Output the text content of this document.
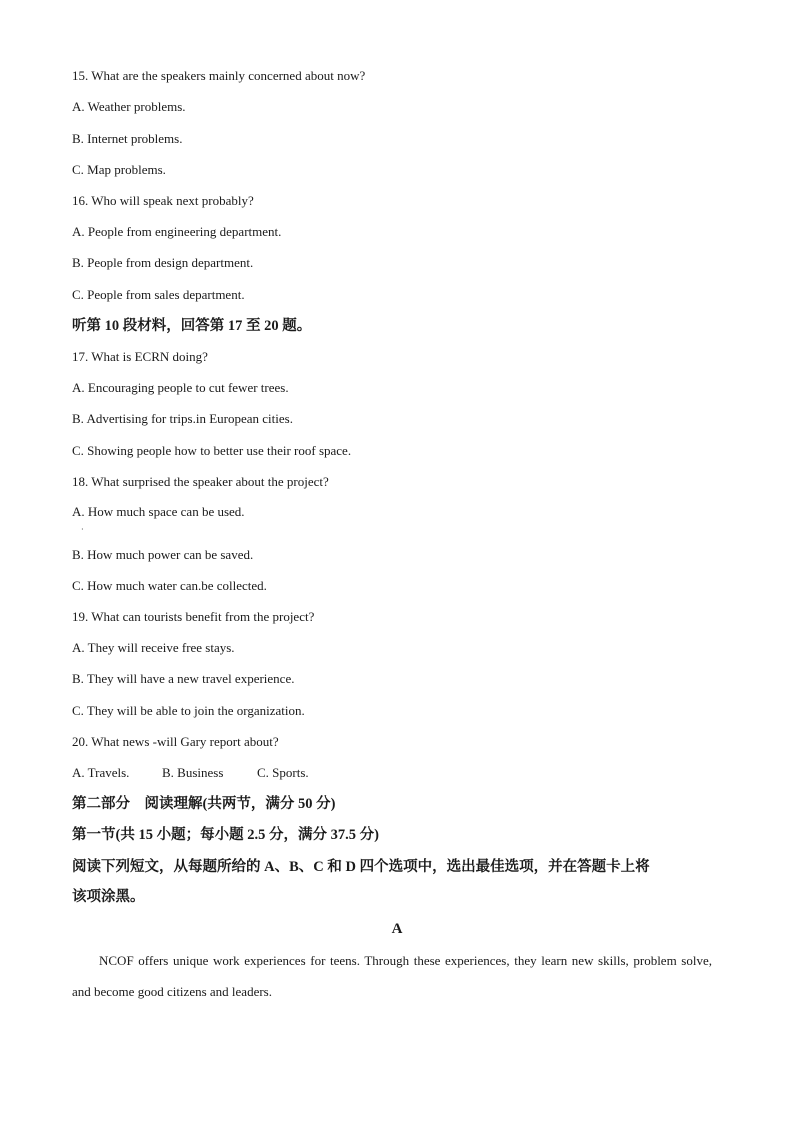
15. What are the speakers mainly concerned about now?
A. Weather problems.
B. Internet problems.
C. Map problems.
16. Who will speak next probably?
A. People from engineering department.
B. People from design department.
C. People from sales department.
听第 10 段材料，回答第 17 至 20 题。
17. What is ECRN doing?
A. Encouraging people to cut fewer trees.
B. Advertising for trips.in European cities.
C. Showing people how to better use their roof space.
18. What surprised the speaker about the project?
A. How much space can be used.
·
B. How much power can be saved.
C. How much water can.be collected.
19. What can tourists benefit from the project?
A. They will receive free stays.
B. They will have a new travel experience.
C. They will be able to join the organization.
20. What news -will Gary report about?
A. Travels.	B. Business	C. Sports.
第二部分　阅读理解(共两节，满分 50 分)
第一节(共 15 小题；每小题 2.5 分，满分 37.5 分)
阅读下列短文，从每题所给的 A、B、C 和 D 四个选项中，选出最佳选项，并在答题卡上将
该项涂黑。
A
NCOF offers unique work experiences for teens. Through these experiences, they learn new skills, problem solve, and become good citizens and leaders.
